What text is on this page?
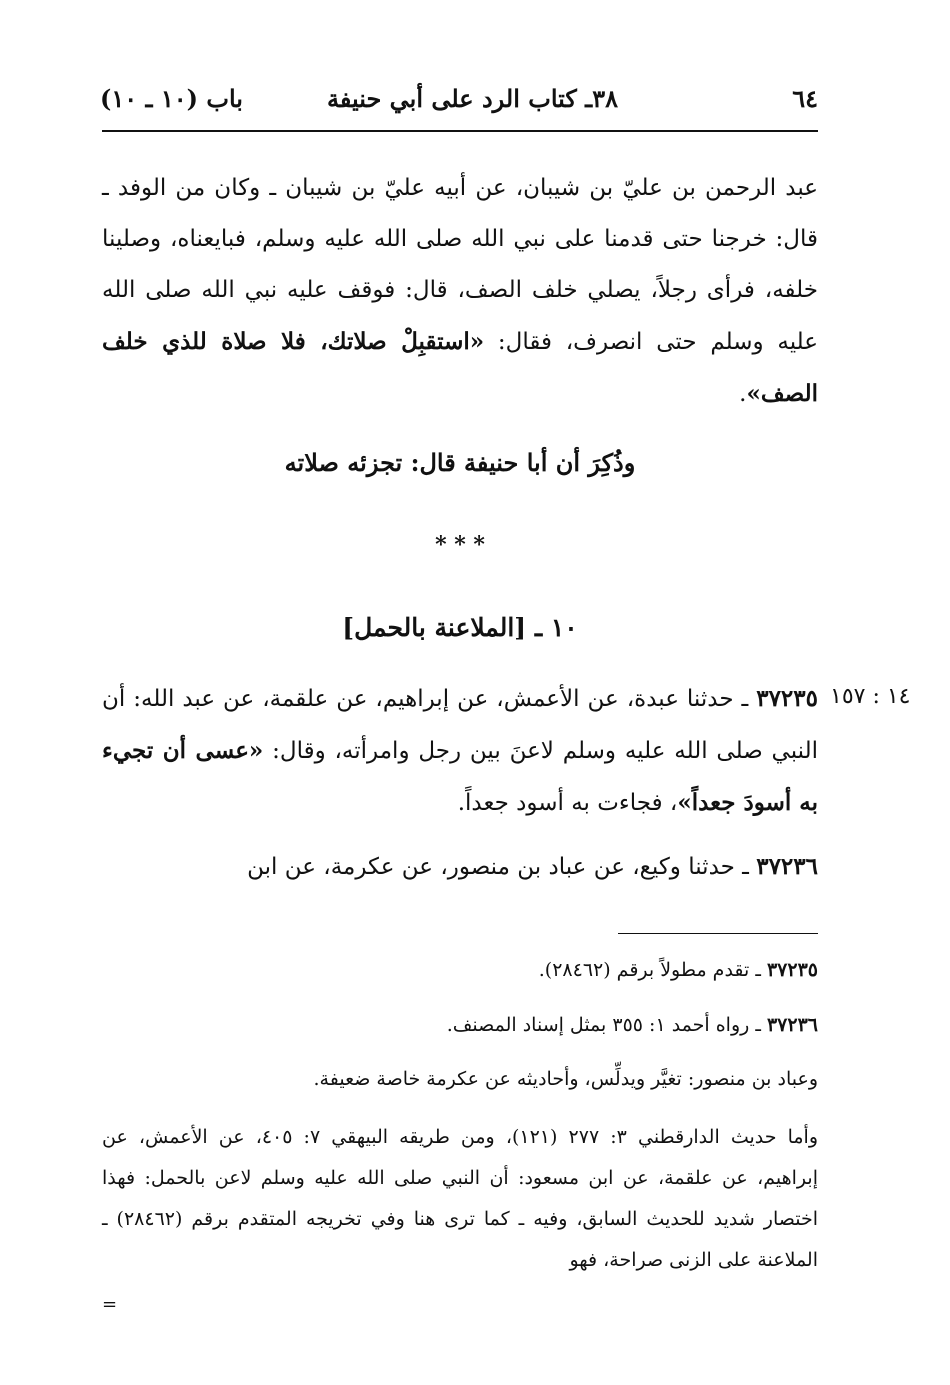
٦٤
٣٨ـ كتاب الرد على أبي حنيفة
باب (١٠ ـ ١٠)
عبد الرحمن بن عليّ بن شيبان، عن أبيه عليّ بن شيبان ـ وكان من الوفد ـ قال: خرجنا حتى قدمنا على نبي الله صلى الله عليه وسلم، فبايعناه، وصلينا خلفه، فرأى رجلاً، يصلي خلف الصف، قال: فوقف عليه نبي الله صلى الله عليه وسلم حتى انصرف، فقال: «استقبِلْ صلاتك، فلا صلاة للذي خلف الصف».
وذُكِرَ أن أبا حنيفة قال: تجزئه صلاته
* * *
١٠ ـ [الملاعنة بالحمل]
١٤ : ١٥٧
٣٧٢٣٥ ـ حدثنا عبدة، عن الأعمش، عن إبراهيم، عن علقمة، عن عبد الله: أن النبي صلى الله عليه وسلم لاعنَ بين رجل وامرأته، وقال: «عسى أن تجيء به أسودَ جعداً»، فجاءت به أسود جعداً.
٣٧٢٣٦ ـ حدثنا وكيع، عن عباد بن منصور، عن عكرمة، عن ابن
٣٧٢٣٥ ـ تقدم مطولاً برقم (٢٨٤٦٢).
٣٧٢٣٦ ـ رواه أحمد ١: ٣٥٥ بمثل إسناد المصنف.
وعباد بن منصور: تغيَّر ويدلِّس، وأحاديثه عن عكرمة خاصة ضعيفة.
وأما حديث الدارقطني ٣: ٢٧٧ (١٢١)، ومن طريقه البيهقي ٧: ٤٠٥، عن الأعمش، عن إبراهيم، عن علقمة، عن ابن مسعود: أن النبي صلى الله عليه وسلم لاعن بالحمل: فهذا اختصار شديد للحديث السابق، وفيه ـ كما ترى هنا وفي تخريجه المتقدم برقم (٢٨٤٦٢) ـ الملاعنة على الزنى صراحة، فهو
=
